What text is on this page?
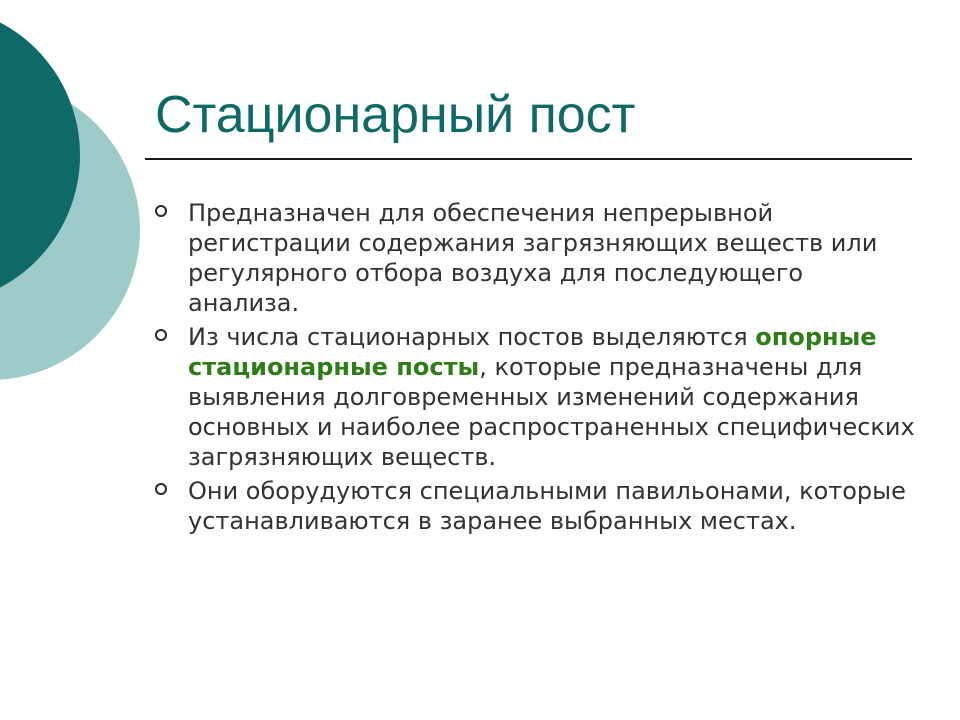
Стационарный пост
Предназначен для обеспечения непрерывной регистрации содержания загрязняющих веществ или регулярного отбора воздуха для последующего анализа.
Из числа стационарных постов выделяются опорные стационарные посты, которые предназначены для выявления долговременных изменений содержания основных и наиболее распространенных специфических загрязняющих веществ.
Они оборудуются специальными павильонами, которые устанавливаются в заранее выбранных местах.
